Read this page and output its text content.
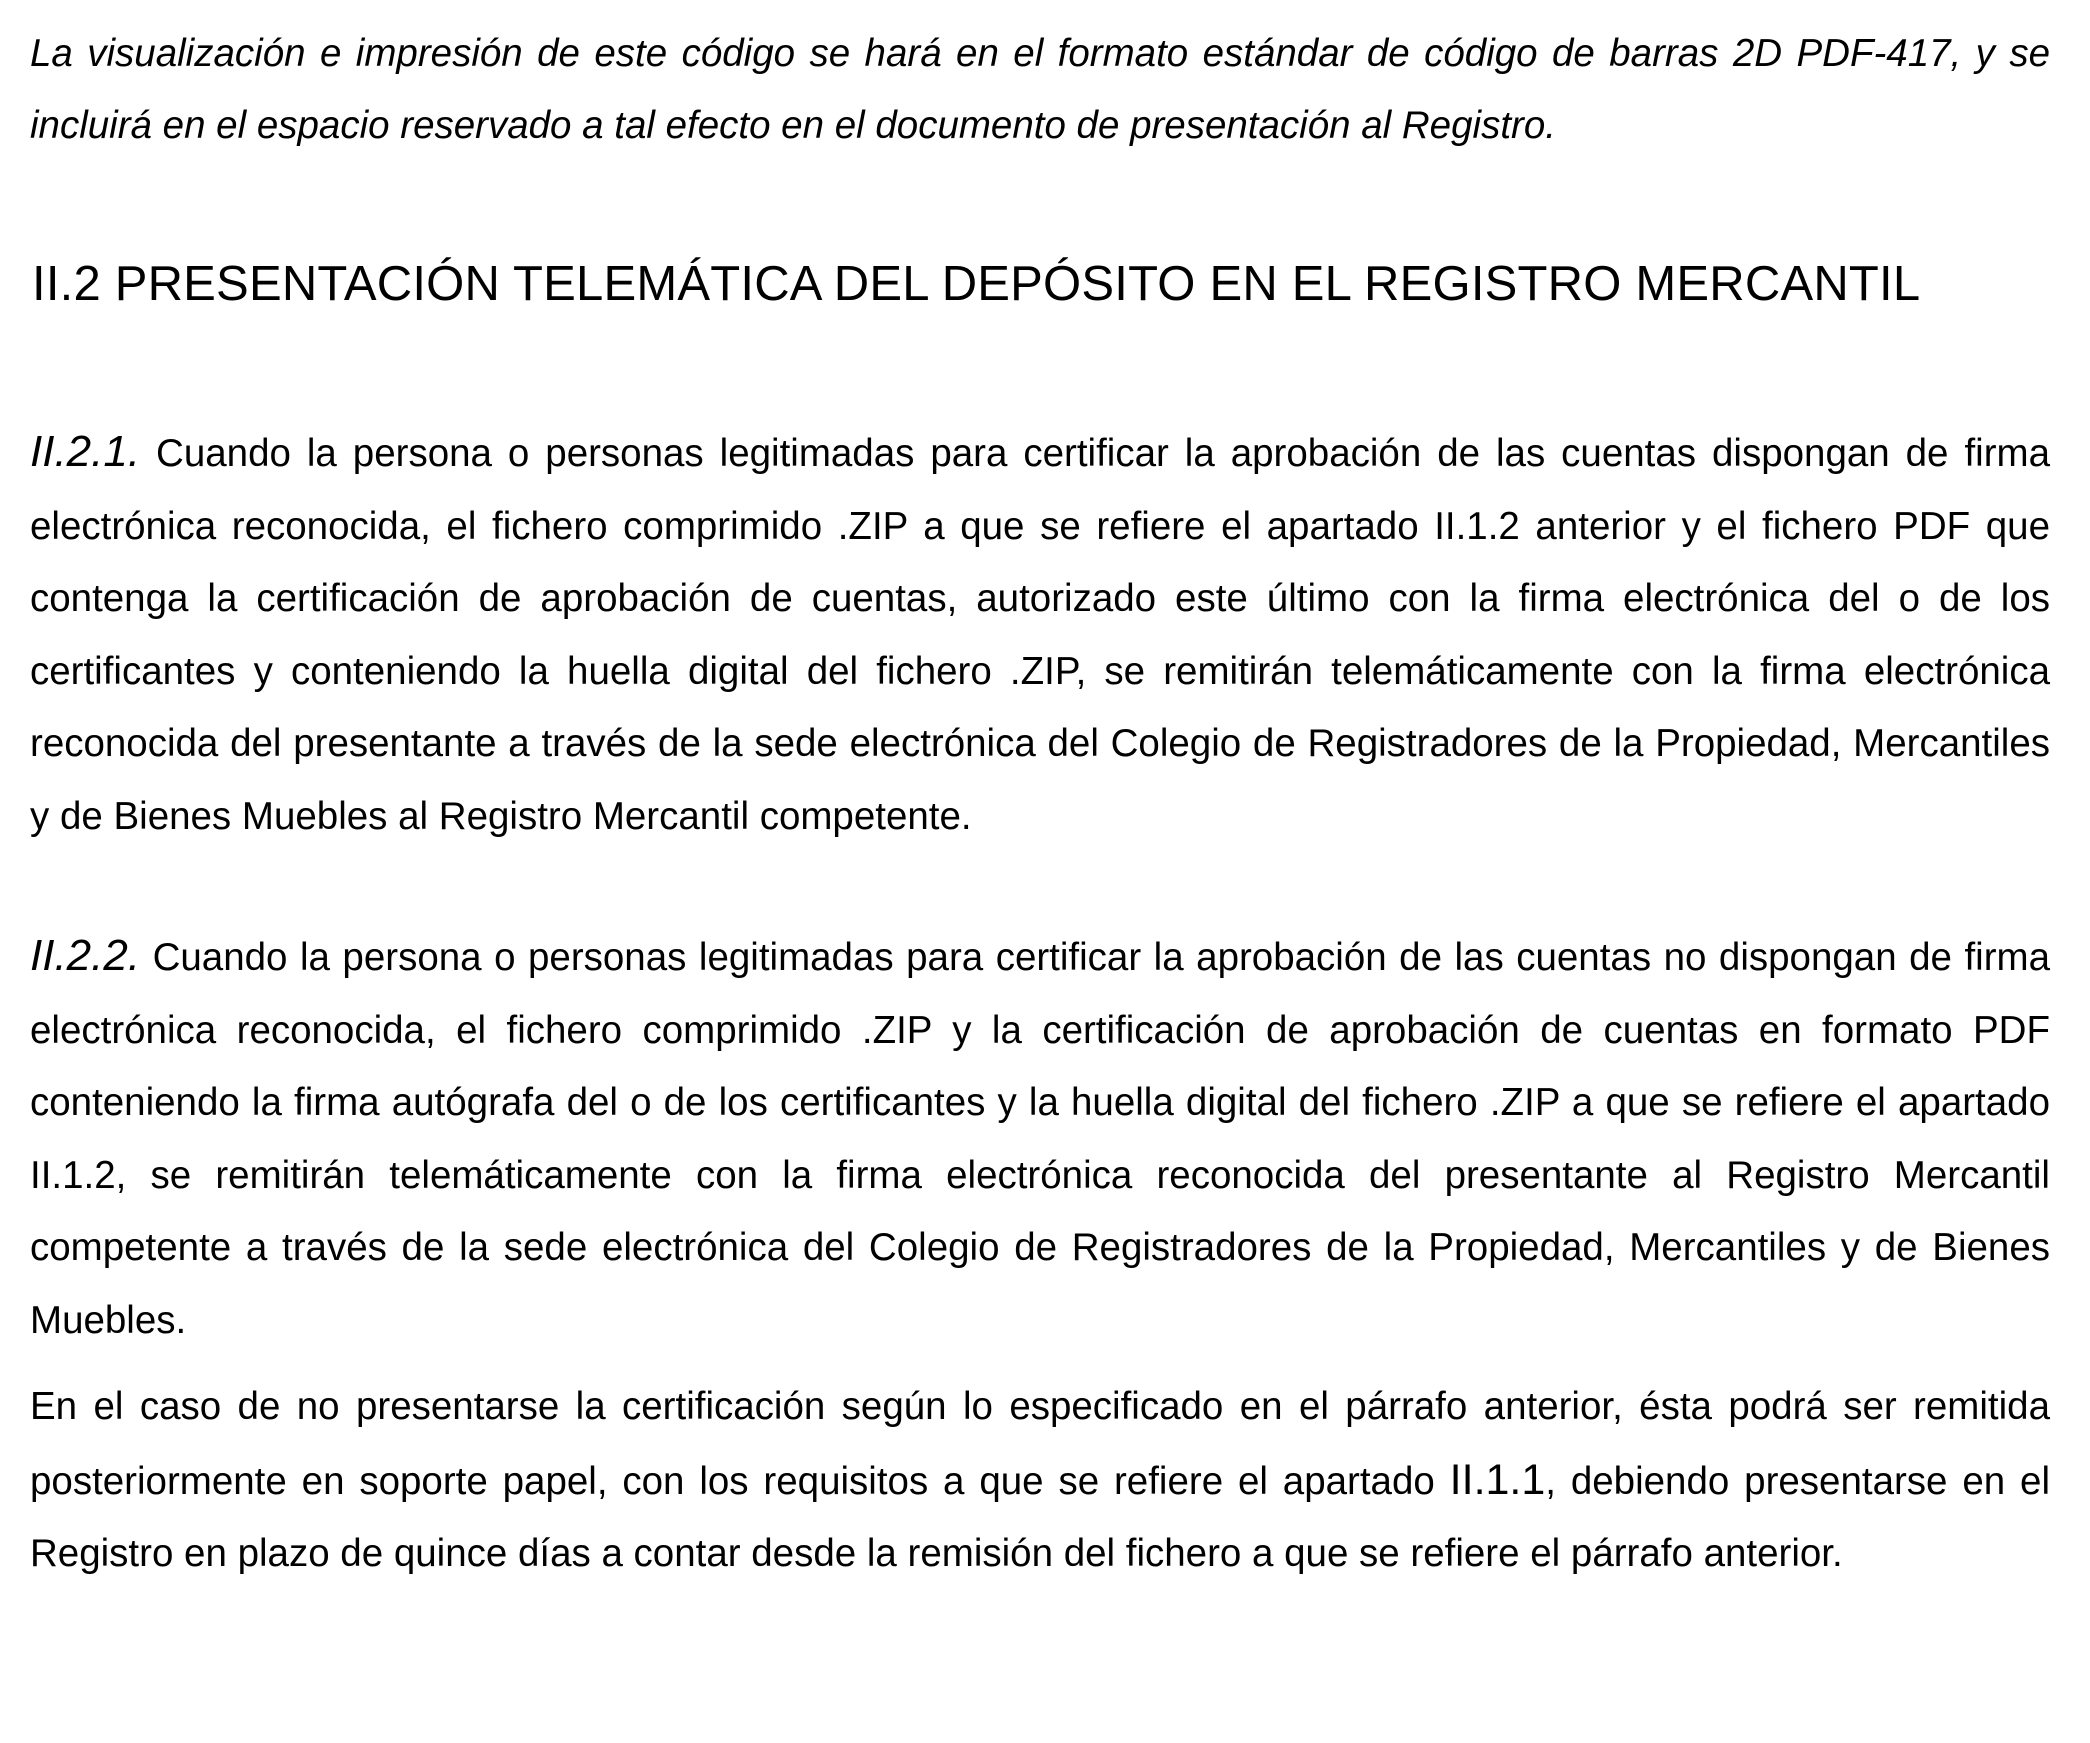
La visualización e impresión de este código se hará en el formato estándar de código de barras 2D PDF-417, y se incluirá en el espacio reservado a tal efecto en el documento de presentación al Registro.

II.2 PRESENTACIÓN TELEMÁTICA DEL DEPÓSITO EN EL REGISTRO MERCANTIL

II.2.1. Cuando la persona o personas legitimadas para certificar la aprobación de las cuentas dispongan de firma electrónica reconocida, el fichero comprimido .ZIP a que se refiere el apartado II.1.2 anterior y el fichero PDF que contenga la certificación de aprobación de cuentas, autorizado este último con la firma electrónica del o de los certificantes y conteniendo la huella digital del fichero .ZIP, se remitirán telemáticamente con la firma electrónica reconocida del presentante a través de la sede electrónica del Colegio de Registradores de la Propiedad, Mercantiles y de Bienes Muebles al Registro Mercantil competente.

II.2.2. Cuando la persona o personas legitimadas para certificar la aprobación de las cuentas no dispongan de firma electrónica reconocida, el fichero comprimido .ZIP y la certificación de aprobación de cuentas en formato PDF conteniendo la firma autógrafa del o de los certificantes y la huella digital del fichero .ZIP a que se refiere el apartado II.1.2, se remitirán telemáticamente con la firma electrónica reconocida del presentante al Registro Mercantil competente a través de la sede electrónica del Colegio de Registradores de la Propiedad, Mercantiles y de Bienes Muebles.

En el caso de no presentarse la certificación según lo especificado en el párrafo anterior, ésta podrá ser remitida posteriormente en soporte papel, con los requisitos a que se refiere el apartado II.1.1, debiendo presentarse en el Registro en plazo de quince días a contar desde la remisión del fichero a que se refiere el párrafo anterior.
